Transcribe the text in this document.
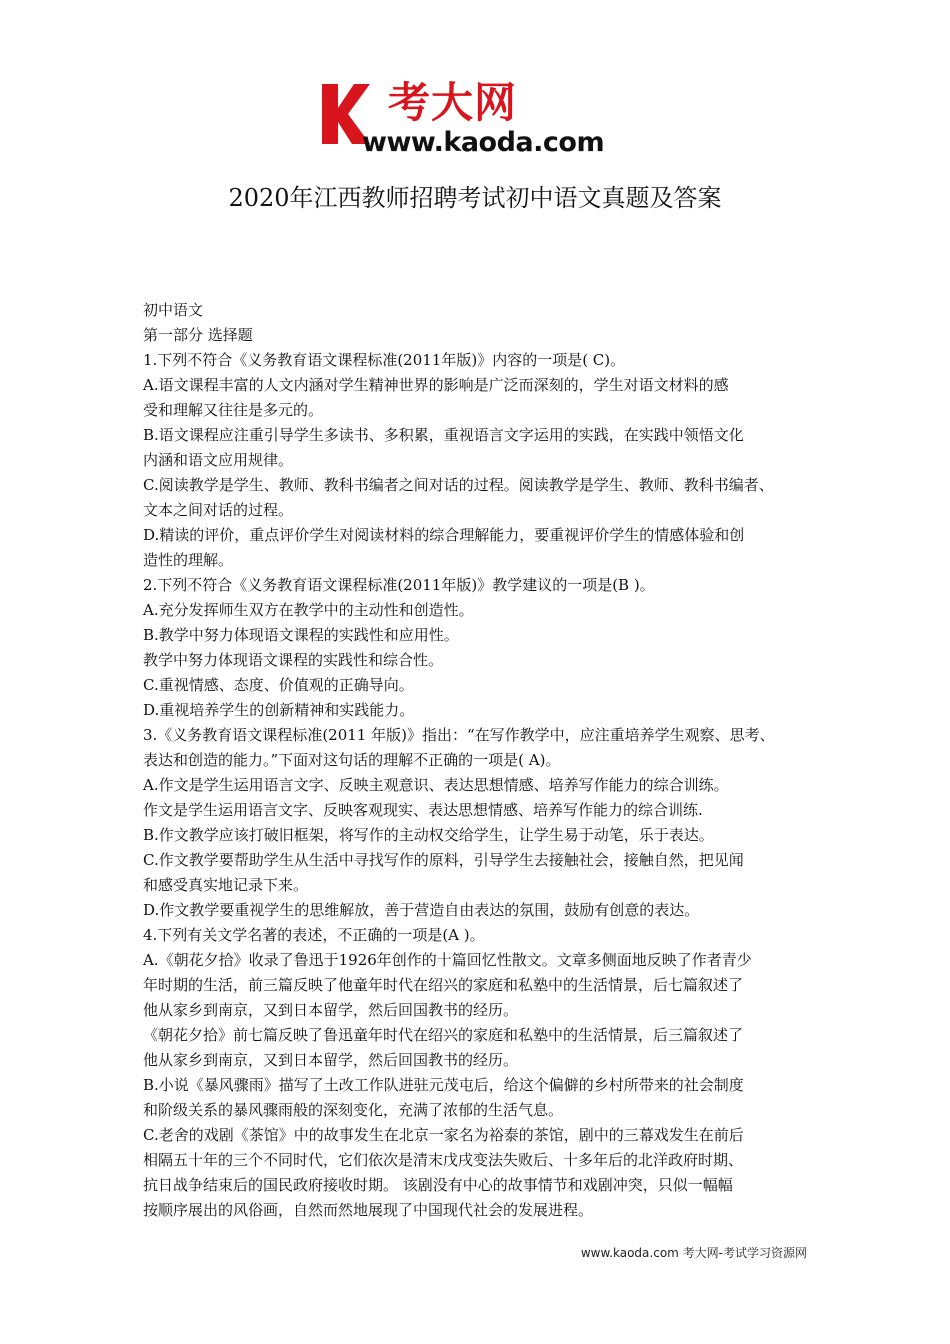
考大网
www.kaoda.com
2020年江西教师招聘考试初中语文真题及答案

初中语文

第一部分 选择题

1.下列不符合《义务教育语文课程标准(2011年版)》内容的一项是( C)。

A.语文课程丰富的人文内涵对学生精神世界的影响是广泛而深刻的，学生对语文材料的感

受和理解又往往是多元的。

B.语文课程应注重引导学生多读书、多积累，重视语言文字运用的实践，在实践中领悟文化

内涵和语文应用规律。

C.阅读教学是学生、教师、教科书编者之间对话的过程。阅读教学是学生、教师、教科书编者、

文本之间对话的过程。

D.精读的评价，重点评价学生对阅读材料的综合理解能力，要重视评价学生的情感体验和创

造性的理解。

2.下列不符合《义务教育语文课程标准(2011年版)》教学建议的一项是(B )。

A.充分发挥师生双方在教学中的主动性和创造性。

B.教学中努力体现语文课程的实践性和应用性。

教学中努力体现语文课程的实践性和综合性。

C.重视情感、态度、价值观的正确导向。

D.重视培养学生的创新精神和实践能力。

3.《义务教育语文课程标准(2011 年版)》指出：“在写作教学中，应注重培养学生观察、思考、

表达和创造的能力。”下面对这句话的理解不正确的一项是( A)。

A.作文是学生运用语言文字、反映主观意识、表达思想情感、培养写作能力的综合训练。

作文是学生运用语言文字、反映客观现实、表达思想情感、培养写作能力的综合训练.

B.作文教学应该打破旧框架，将写作的主动权交给学生，让学生易于动笔，乐于表达。

C.作文教学要帮助学生从生活中寻找写作的原料，引导学生去接触社会，接触自然，把见闻

和感受真实地记录下来。

D.作文教学要重视学生的思维解放，善于营造自由表达的氛围，鼓励有创意的表达。

4.下列有关文学名著的表述，不正确的一项是(A )。

A.《朝花夕拾》收录了鲁迅于1926年创作的十篇回忆性散文。文章多侧面地反映了作者青少

年时期的生活，前三篇反映了他童年时代在绍兴的家庭和私塾中的生活情景，后七篇叙述了

他从家乡到南京，又到日本留学，然后回国教书的经历。

《朝花夕拾》前七篇反映了鲁迅童年时代在绍兴的家庭和私塾中的生活情景，后三篇叙述了

他从家乡到南京，又到日本留学，然后回国教书的经历。

B.小说《暴风骤雨》描写了土改工作队进驻元茂屯后，给这个偏僻的乡村所带来的社会制度

和阶级关系的暴风骤雨般的深刻变化，充满了浓郁的生活气息。

C.老舍的戏剧《茶馆》中的故事发生在北京一家名为裕泰的茶馆，剧中的三幕戏发生在前后

相隔五十年的三个不同时代，它们依次是清末戊戌变法失败后、十多年后的北洋政府时期、

抗日战争结束后的国民政府接收时期。 该剧没有中心的故事情节和戏剧冲突，只似一幅幅

按顺序展出的风俗画，自然而然地展现了中国现代社会的发展进程。

www.kaoda.com 考大网-考试学习资源网
